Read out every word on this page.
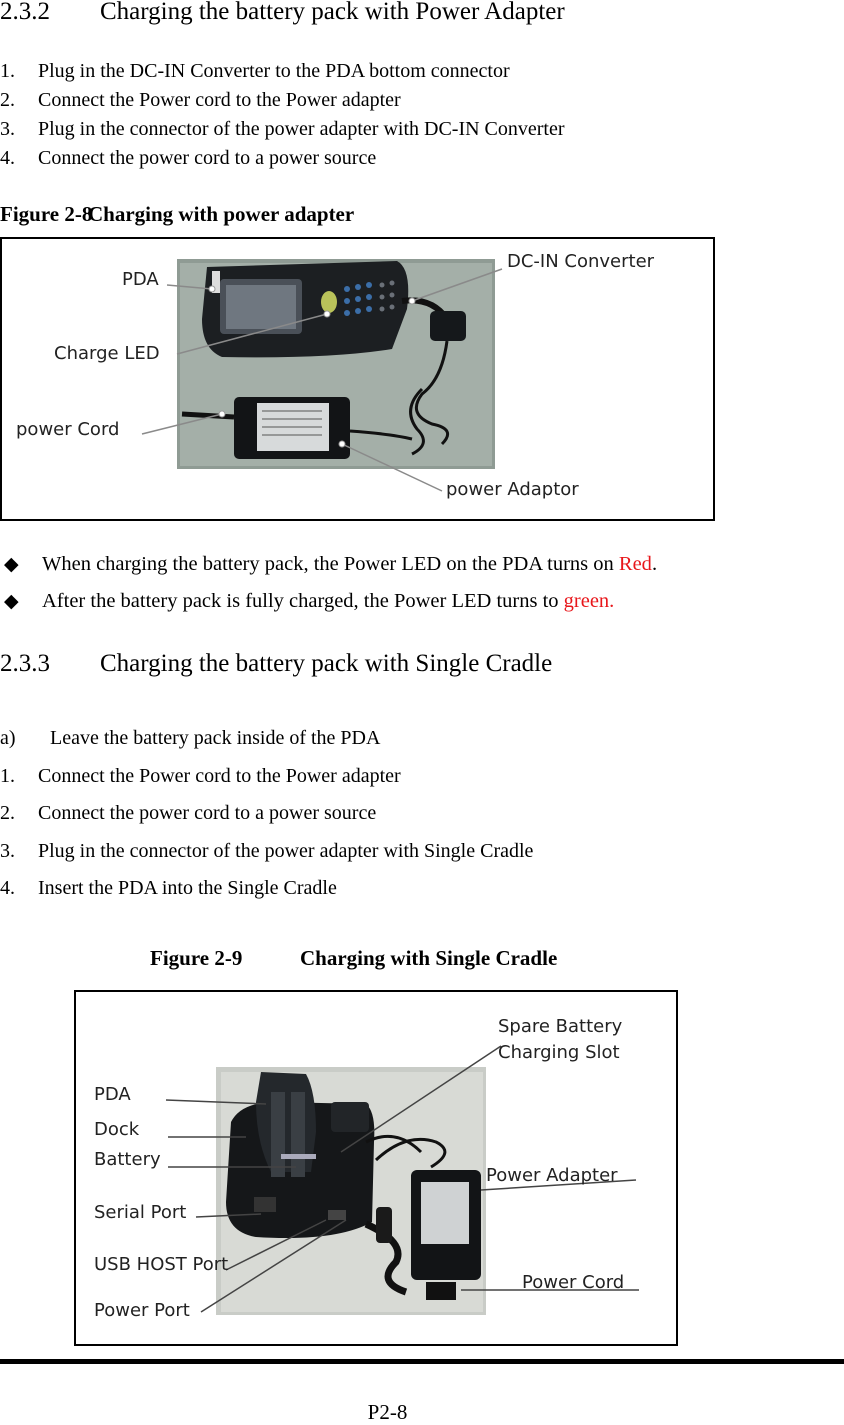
2.3.2 Charging the battery pack with Power Adapter
1.	Plug in the DC-IN Converter to the PDA bottom connector
2.	Connect the Power cord to the Power adapter
3.	Plug in the connector of the power adapter with DC-IN Converter
4.	Connect the power cord to a power source
Figure 2-8Charging with power adapter
PDA
Charge LED
power Cord
DC-IN Converter
power Adaptor
◆	When charging the battery pack, the Power LED on the PDA turns on Red.
◆	After the battery pack is fully charged, the Power LED turns to green.
2.3.3 Charging the battery pack with Single Cradle
a)	Leave the battery pack inside of the PDA
1.	Connect the Power cord to the Power adapter
2.	Connect the power cord to a power source
3.	Plug in the connector of the power adapter with Single Cradle
4.	Insert the PDA into the Single Cradle
Figure 2-9	Charging with Single Cradle
Spare Battery
Charging Slot
PDA
Dock
Battery
Serial Port
USB HOST Port
Power Port
Power Adapter
Power Cord
P2-8
